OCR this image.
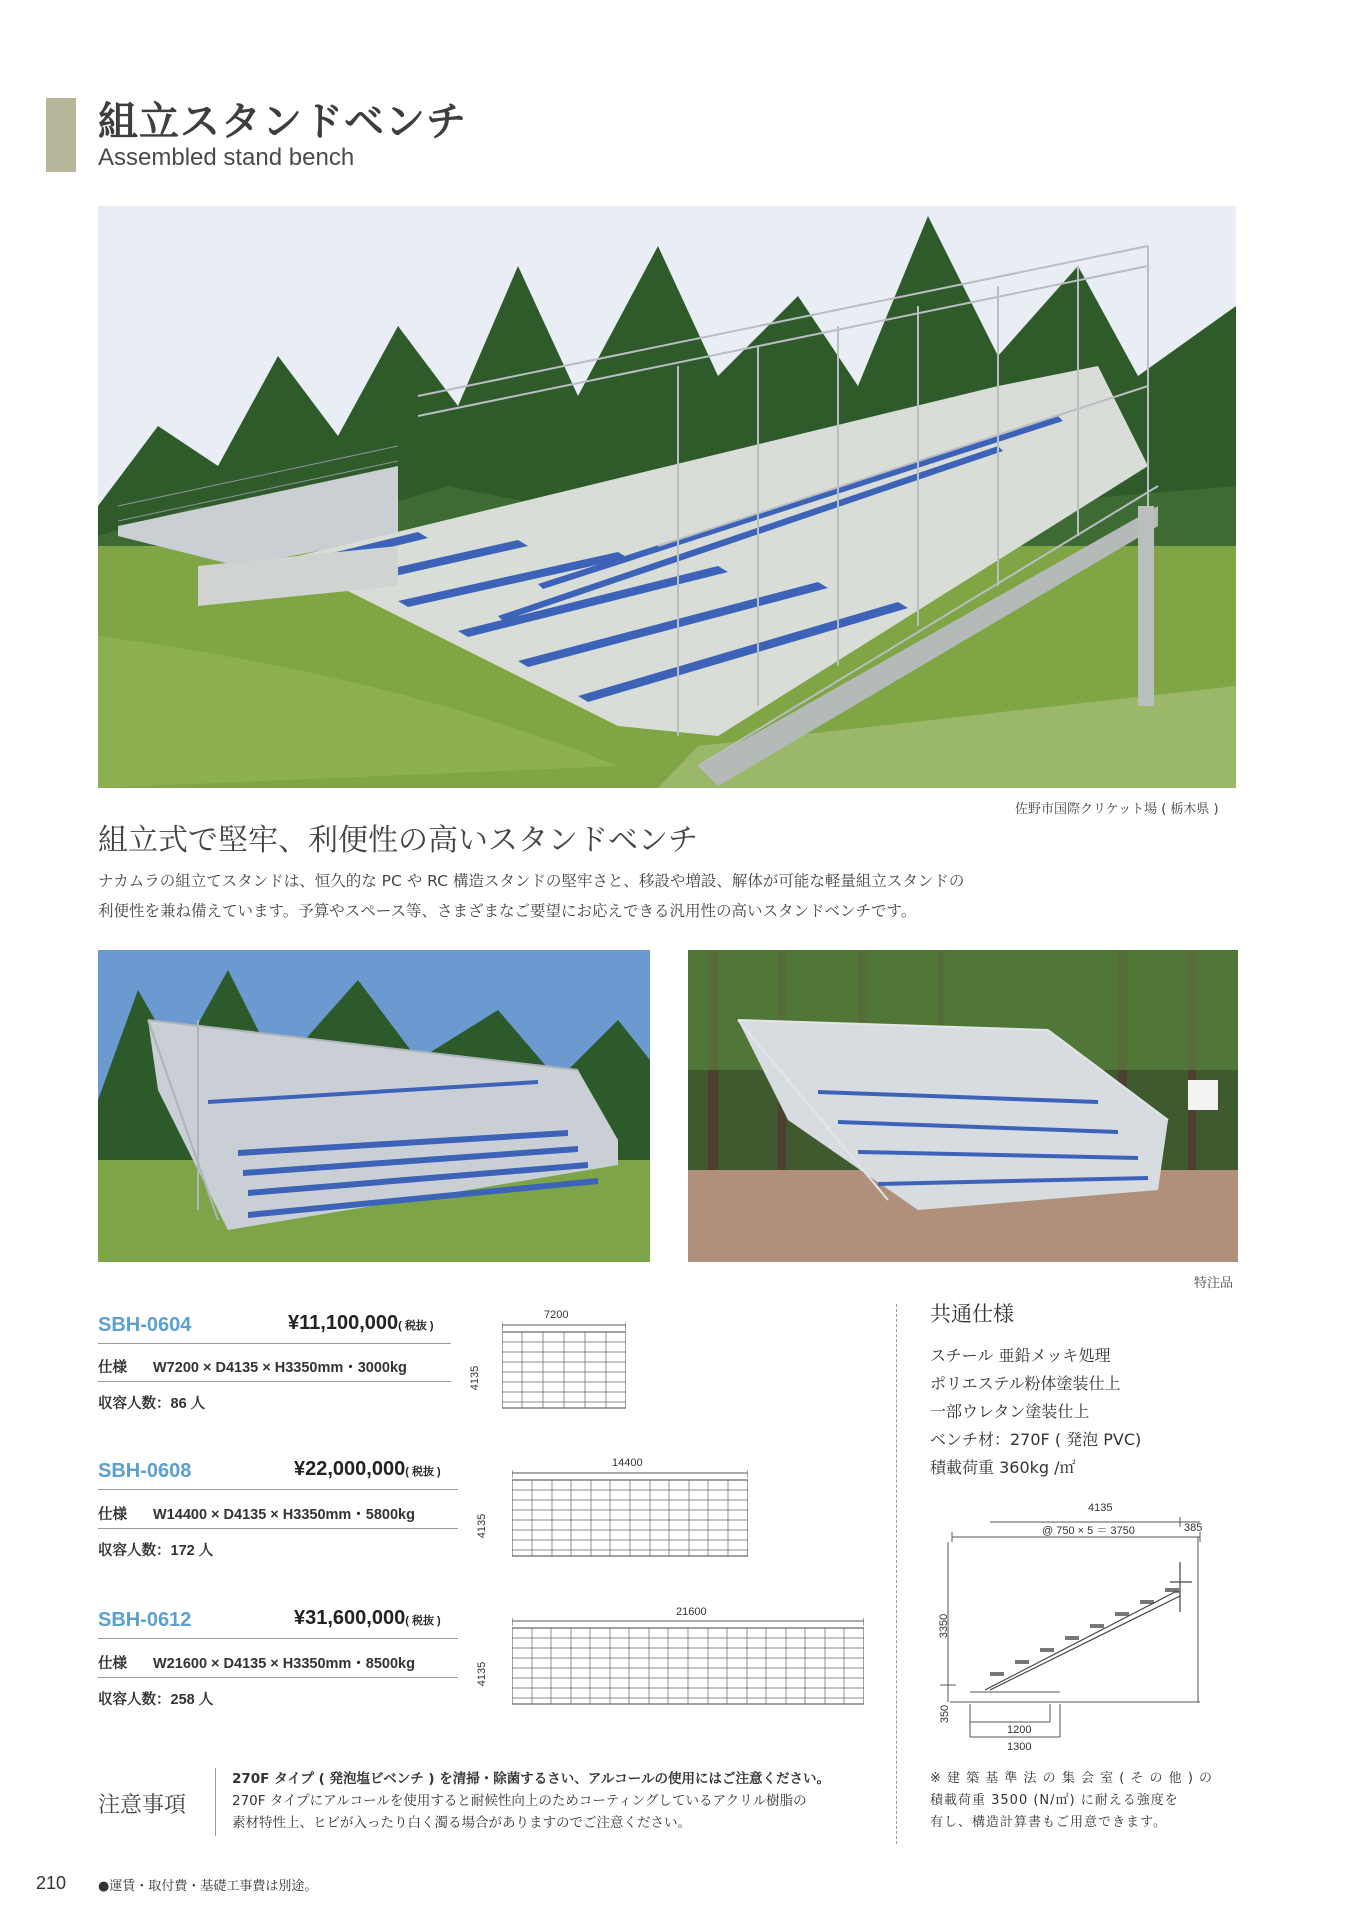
組立スタンドベンチ
Assembled stand bench
佐野市国際クリケット場 ( 栃木県 )
組立式で堅牢、利便性の高いスタンドベンチ
ナカムラの組立てスタンドは、恒久的な PC や RC 構造スタンドの堅牢さと、移設や増設、解体が可能な軽量組立スタンドの
利便性を兼ね備えています。予算やスペース等、さまざまなご要望にお応えできる汎用性の高いスタンドベンチです。
特注品
SBH-0604	¥11,100,000( 税抜 )
仕様 W7200 × D4135 × H3350mm・3000kg
収容人数：86 人
7200
4135
SBH-0608	¥22,000,000( 税抜 )
仕様 W14400 × D4135 × H3350mm・5800kg
収容人数：172 人
14400
4135
SBH-0612	¥31,600,000( 税抜 )
仕様 W21600 × D4135 × H3350mm・8500kg
収容人数：258 人
21600
4135
共通仕様
スチール 亜鉛メッキ処理
ポリエステル粉体塗装仕上
一部ウレタン塗装仕上
ベンチ材：270F ( 発泡 PVC)
積載荷重 360kg /㎡
4135
@ 750 × 5 ＝ 3750	385
3350
350
1200
1300
※ 建 築 基 準 法 の 集 会 室 ( そ の 他 ) の
積載荷重 3500 (N/㎡) に耐える強度を
有し、構造計算書もご用意できます。
注意事項
270F タイプ ( 発泡塩ビベンチ ) を清掃・除菌するさい、アルコールの使用にはご注意ください。
270F タイプにアルコールを使用すると耐候性向上のためコーティングしているアクリル樹脂の
素材特性上、ヒビが入ったり白く濁る場合がありますのでご注意ください。
210 ●運賃・取付費・基礎工事費は別途。
